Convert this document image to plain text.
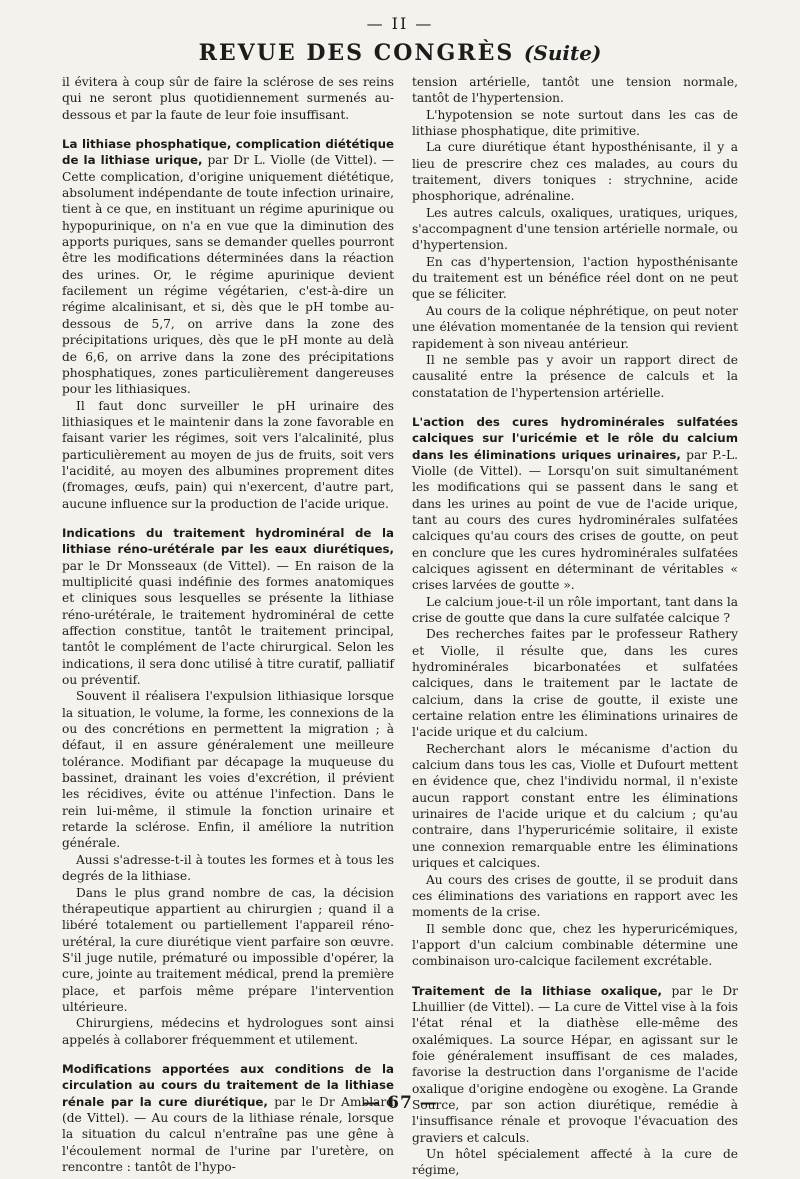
— II —
REVUE DES CONGRÈS (Suite)

il évitera à coup sûr de faire la sclérose de ses reins qui ne seront plus quotidiennement surmenés au-dessous et par la faute de leur foie insuffisant.

La lithiase phosphatique, complication diététique de la lithiase urique, par Dr L. Violle (de Vittel). — Cette complication, d'origine uniquement diététique, absolument indépendante de toute infection urinaire, tient à ce que, en instituant un régime apurinique ou hypopurinique, on n'a en vue que la diminution des apports puriques, sans se demander quelles pourront être les modifications déterminées dans la réaction des urines. Or, le régime apurinique devient facilement un régime végétarien, c'est-à-dire un régime alcalinisant, et si, dès que le pH tombe au-dessous de 5,7, on arrive dans la zone des précipitations uriques, dès que le pH monte au delà de 6,6, on arrive dans la zone des précipitations phosphatiques, zones particulièrement dangereuses pour les lithiasiques.

Il faut donc surveiller le pH urinaire des lithiasiques et le maintenir dans la zone favorable en faisant varier les régimes, soit vers l'alcalinité, plus particulièrement au moyen de jus de fruits, soit vers l'acidité, au moyen des albumines proprement dites (fromages, œufs, pain) qui n'exercent, d'autre part, aucune influence sur la production de l'acide urique.

Indications du traitement hydrominéral de la lithiase réno-urétérale par les eaux diurétiques, par le Dr Monsseaux (de Vittel). — En raison de la multiplicité quasi indéfinie des formes anatomiques et cliniques sous lesquelles se présente la lithiase réno-urétérale, le traitement hydrominéral de cette affection constitue, tantôt le traitement principal, tantôt le complément de l'acte chirurgical. Selon les indications, il sera donc utilisé à titre curatif, palliatif ou préventif.

Souvent il réalisera l'expulsion lithiasique lorsque la situation, le volume, la forme, les connexions de la ou des concrétions en permettent la migration ; à défaut, il en assure généralement une meilleure tolérance. Modifiant par décapage la muqueuse du bassinet, drainant les voies d'excrétion, il prévient les récidives, évite ou atténue l'infection. Dans le rein lui-même, il stimule la fonction urinaire et retarde la sclérose. Enfin, il améliore la nutrition générale.

Aussi s'adresse-t-il à toutes les formes et à tous les degrés de la lithiase.

Dans le plus grand nombre de cas, la décision thérapeutique appartient au chirurgien ; quand il a libéré totalement ou partiellement l'appareil réno-urétéral, la cure diurétique vient parfaire son œuvre. S'il juge nutile, prématuré ou impossible d'opérer, la cure, jointe au traitement médical, prend la première place, et parfois même prépare l'intervention ultérieure.

Chirurgiens, médecins et hydrologues sont ainsi appelés à collaborer fréquemment et utilement.

Modifications apportées aux conditions de la circulation au cours du traitement de la lithiase rénale par la cure diurétique, par le Dr Amblard (de Vittel). — Au cours de la lithiase rénale, lorsque la situation du calcul n'entraîne pas une gêne à l'écoulement normal de l'urine par l'uretère, on rencontre : tantôt de l'hypo-

tension artérielle, tantôt une tension normale, tantôt de l'hypertension.

L'hypotension se note surtout dans les cas de lithiase phosphatique, dite primitive.

La cure diurétique étant hyposthénisante, il y a lieu de prescrire chez ces malades, au cours du traitement, divers toniques : strychnine, acide phosphorique, adrénaline.

Les autres calculs, oxaliques, uratiques, uriques, s'accompagnent d'une tension artérielle normale, ou d'hypertension.

En cas d'hypertension, l'action hyposthénisante du traitement est un bénéfice réel dont on ne peut que se féliciter.

Au cours de la colique néphrétique, on peut noter une élévation momentanée de la tension qui revient rapidement à son niveau antérieur.

Il ne semble pas y avoir un rapport direct de causalité entre la présence de calculs et la constatation de l'hypertension artérielle.

L'action des cures hydrominérales sulfatées calciques sur l'uricémie et le rôle du calcium dans les éliminations uriques urinaires, par P.-L. Violle (de Vittel). — Lorsqu'on suit simultanément les modifications qui se passent dans le sang et dans les urines au point de vue de l'acide urique, tant au cours des cures hydrominérales sulfatées calciques qu'au cours des crises de goutte, on peut en conclure que les cures hydrominérales sulfatées calciques agissent en déterminant de véritables « crises larvées de goutte ».

Le calcium joue-t-il un rôle important, tant dans la crise de goutte que dans la cure sulfatée calcique ?

Des recherches faites par le professeur Rathery et Violle, il résulte que, dans les cures hydrominérales bicarbonatées et sulfatées calciques, dans le traitement par le lactate de calcium, dans la crise de goutte, il existe une certaine relation entre les éliminations urinaires de l'acide urique et du calcium.

Recherchant alors le mécanisme d'action du calcium dans tous les cas, Violle et Dufourt mettent en évidence que, chez l'individu normal, il n'existe aucun rapport constant entre les éliminations urinaires de l'acide urique et du calcium ; qu'au contraire, dans l'hyperuricémie solitaire, il existe une connexion remarquable entre les éliminations uriques et calciques.

Au cours des crises de goutte, il se produit dans ces éliminations des variations en rapport avec les moments de la crise.

Il semble donc que, chez les hyperuricémiques, l'apport d'un calcium combinable détermine une combinaison uro-calcique facilement excrétable.

Traitement de la lithiase oxalique, par le Dr Lhuillier (de Vittel). — La cure de Vittel vise à la fois l'état rénal et la diathèse elle-même des oxalémiques. La source Hépar, en agissant sur le foie généralement insuffisant de ces malades, favorise la destruction dans l'organisme de l'acide oxalique d'origine endogène ou exogène. La Grande Source, par son action diurétique, remédie à l'insuffisance rénale et provoque l'évacuation des graviers et calculs.

Un hôtel spécialement affecté à la cure de régime,

— 67 —
